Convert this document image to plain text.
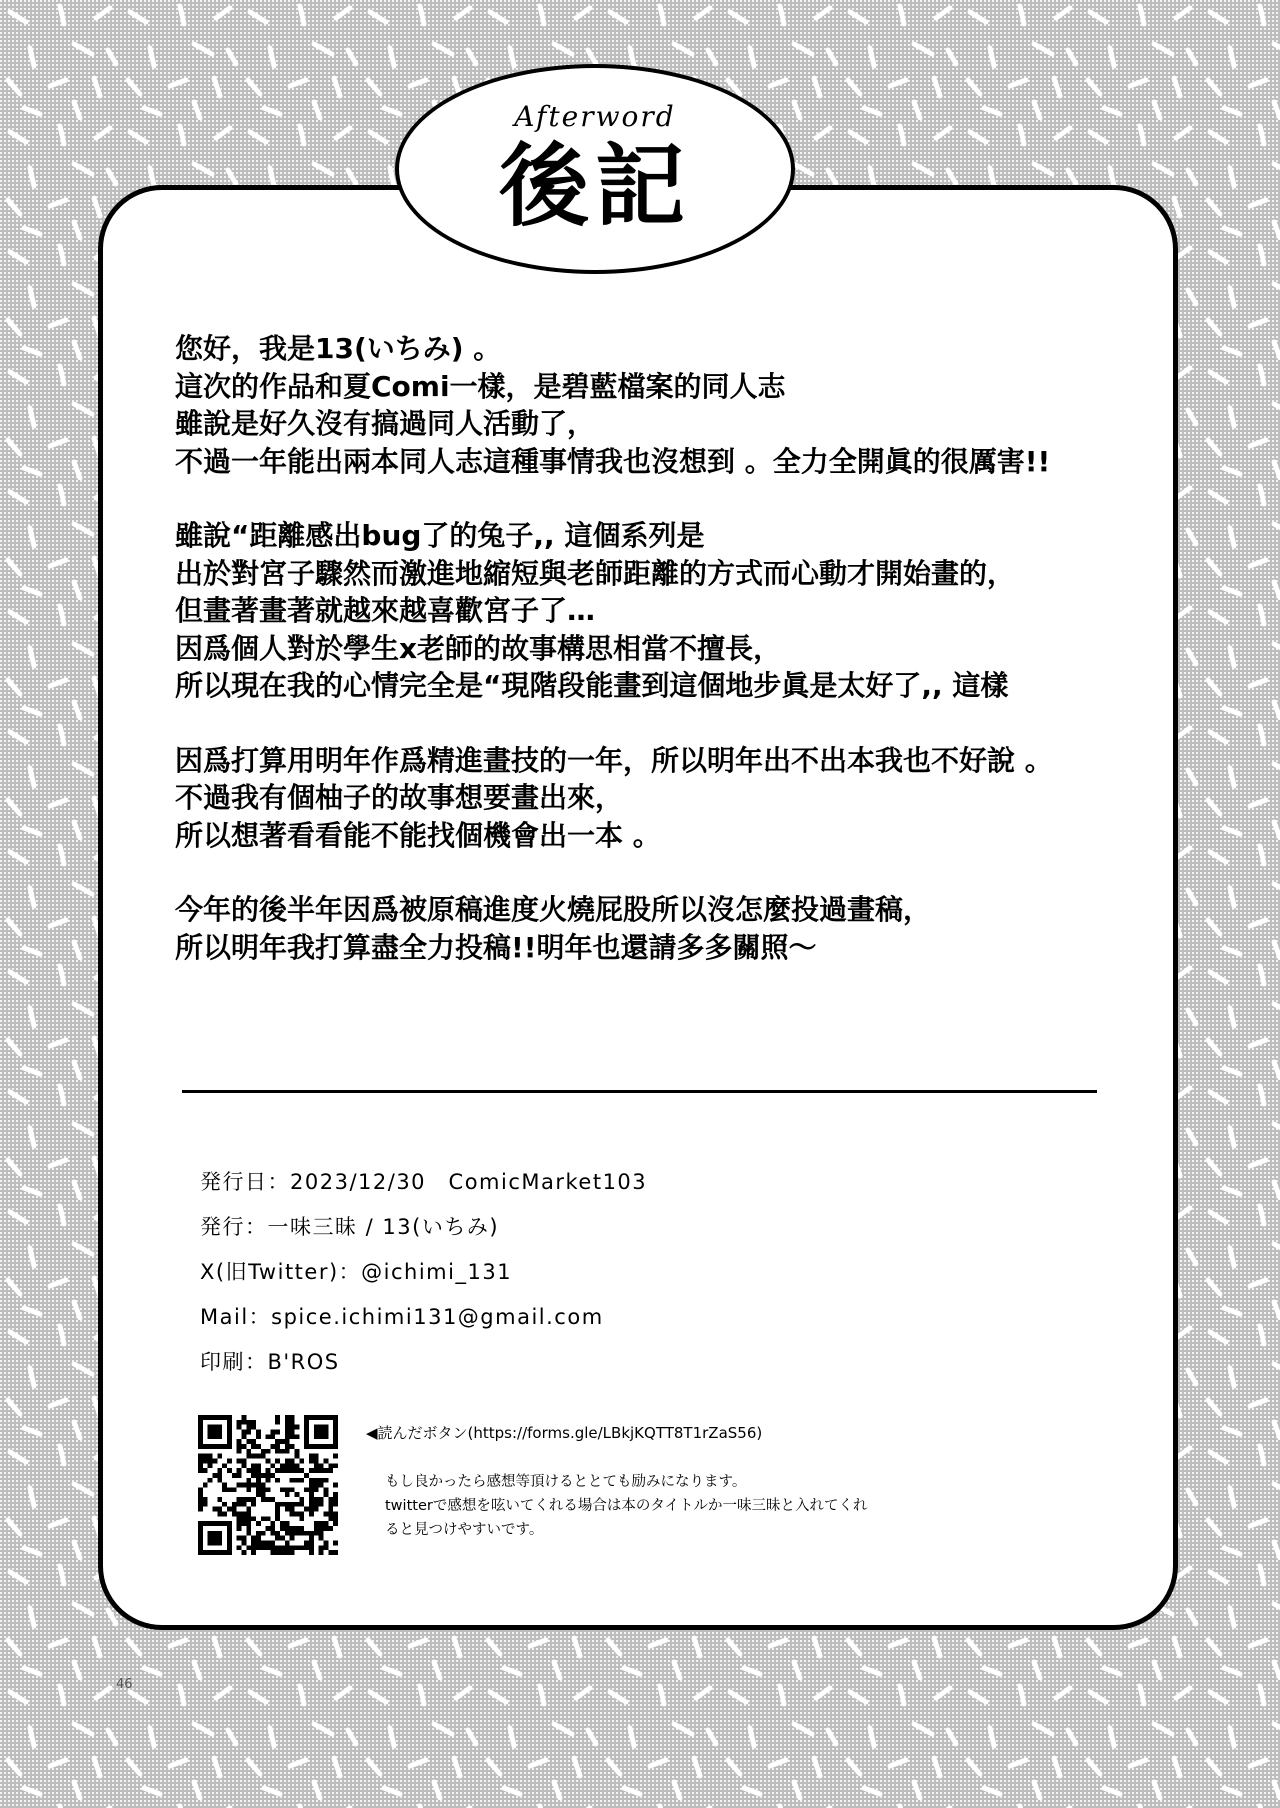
Afterword
後記
您好，我是13(いちみ) 。
這次的作品和夏Comi一樣，是碧藍檔案的同人志
雖說是好久沒有搞過同人活動了，
不過一年能出兩本同人志這種事情我也沒想到 。全力全開眞的很厲害!!
雖說“距離感出bug了的兔子,, 這個系列是
出於對宮子驟然而激進地縮短與老師距離的方式而心動才開始畫的，
但畫著畫著就越來越喜歡宮子了…
因爲個人對於學生x老師的故事構思相當不擅長，
所以現在我的心情完全是“現階段能畫到這個地步眞是太好了,, 這樣
因爲打算用明年作爲精進畫技的一年，所以明年出不出本我也不好說 。
不過我有個柚子的故事想要畫出來，
所以想著看看能不能找個機會出一本 。
今年的後半年因爲被原稿進度火燒屁股所以沒怎麼投過畫稿，
所以明年我打算盡全力投稿!!明年也還請多多關照～
発行日：2023/12/30　ComicMarket103
発行：一味三昧 / 13(いちみ)
X(旧Twitter)：@ichimi_131
Mail：spice.ichimi131@gmail.com
印刷：B'ROS
◀読んだボタン(https://forms.gle/LBkjKQTT8T1rZaS56)
もし良かったら感想等頂けるととても励みになります。
twitterで感想を呟いてくれる場合は本のタイトルか一味三昧と入れてくれ
ると見つけやすいです。
46
